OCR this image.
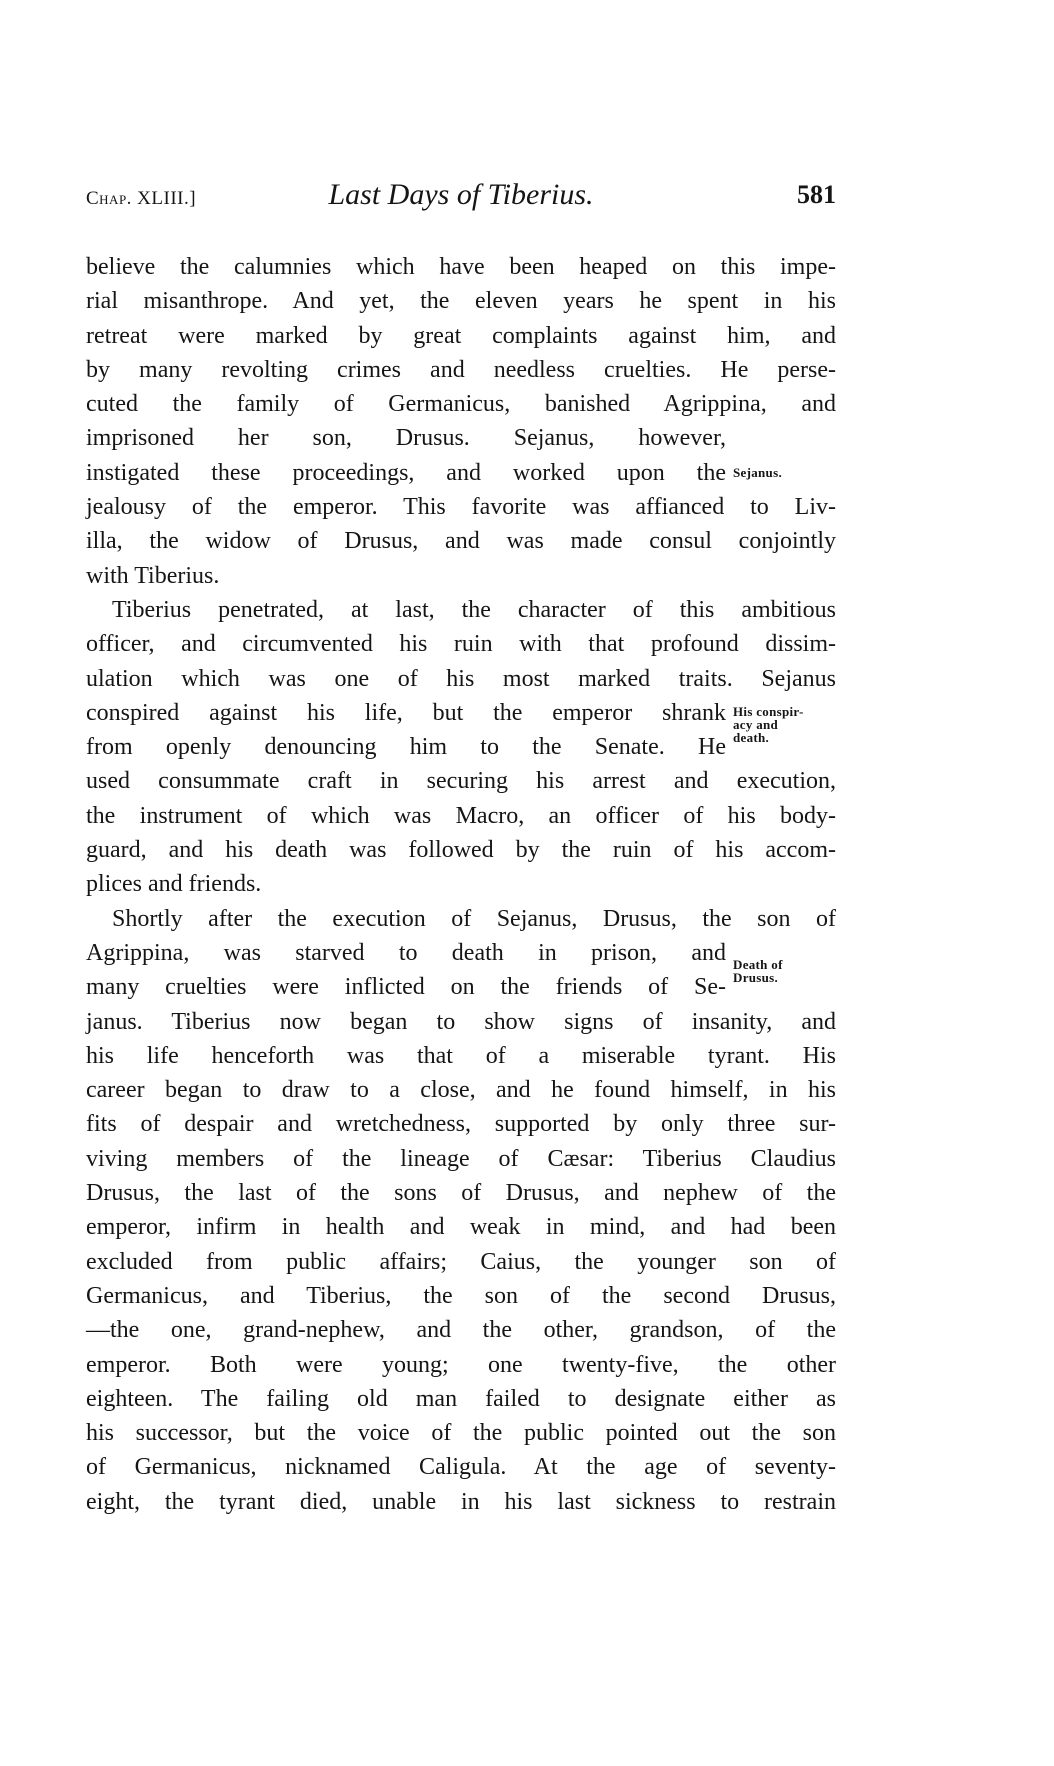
Chap. XLIII.]	Last Days of Tiberius.	581
believe the calumnies which have been heaped on this impe-
rial misanthrope. And yet, the eleven years he spent in his
retreat were marked by great complaints against him, and
by many revolting crimes and needless cruelties. He perse-
cuted the family of Germanicus, banished Agrippina, and
imprisoned her son, Drusus. Sejanus, however,
instigated these proceedings, and worked upon the
jealousy of the emperor. This favorite was affianced to Liv-
illa, the widow of Drusus, and was made consul conjointly
with Tiberius.
Tiberius penetrated, at last, the character of this ambitious
officer, and circumvented his ruin with that profound dissim-
ulation which was one of his most marked traits. Sejanus
conspired against his life, but the emperor shrank
from openly denouncing him to the Senate. He
used consummate craft in securing his arrest and execution,
the instrument of which was Macro, an officer of his body-
guard, and his death was followed by the ruin of his accom-
plices and friends.
Shortly after the execution of Sejanus, Drusus, the son of
Agrippina, was starved to death in prison, and
many cruelties were inflicted on the friends of Se-
janus. Tiberius now began to show signs of insanity, and
his life henceforth was that of a miserable tyrant. His
career began to draw to a close, and he found himself, in his
fits of despair and wretchedness, supported by only three sur-
viving members of the lineage of Cæsar: Tiberius Claudius
Drusus, the last of the sons of Drusus, and nephew of the
emperor, infirm in health and weak in mind, and had been
excluded from public affairs; Caius, the younger son of
Germanicus, and Tiberius, the son of the second Drusus,
—the one, grand-nephew, and the other, grandson, of the
emperor. Both were young; one twenty-five, the other
eighteen. The failing old man failed to designate either as
his successor, but the voice of the public pointed out the son
of Germanicus, nicknamed Caligula. At the age of seventy-
eight, the tyrant died, unable in his last sickness to restrain
Sejanus.
His conspir-
acy and
death.
Death of
Drusus.
